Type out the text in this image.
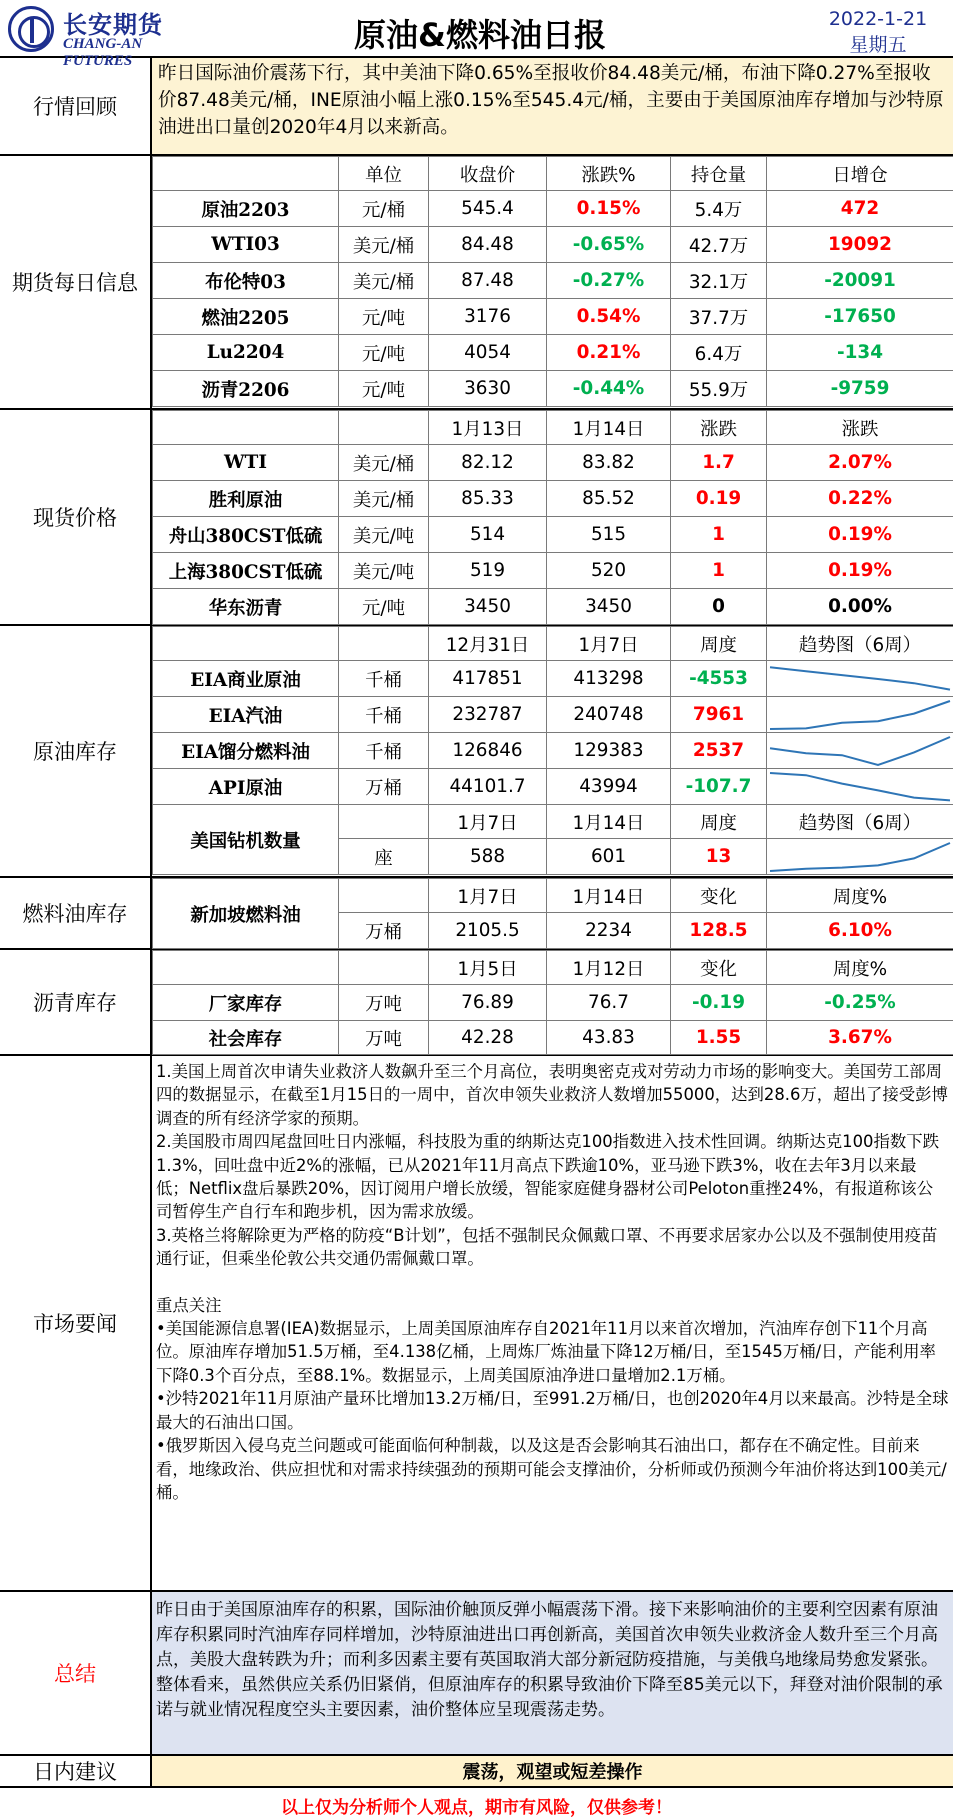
长安期货
CHANG-AN FUTURES
原油&燃料油日报	2022-1-21
星期五
行情回顾
昨日国际油价震荡下行，其中美油下降0.65%至报收价84.48美元/桶，布油下降0.27%至报收价87.48美元/桶，INE原油小幅上涨0.15%至545.4元/桶，主要由于美国原油库存增加与沙特原油进出口量创2020年4月以来新高。
期货每日信息
	单位	收盘价	涨跌%	持仓量	日增仓
原油2203	元/桶	545.4	0.15%	5.4万	472
WTI03	美元/桶	84.48	-0.65%	42.7万	19092
布伦特03	美元/桶	87.48	-0.27%	32.1万	-20091
燃油2205	元/吨	3176	0.54%	37.7万	-17650
Lu2204	元/吨	4054	0.21%	6.4万	-134
沥青2206	元/吨	3630	-0.44%	55.9万	-9759
现货价格
		1月13日	1月14日	涨跌	涨跌
WTI	美元/桶	82.12	83.82	1.7	2.07%
胜利原油	美元/桶	85.33	85.52	0.19	0.22%
舟山380CST低硫	美元/吨	514	515	1	0.19%
上海380CST低硫	美元/吨	519	520	1	0.19%
华东沥青	元/吨	3450	3450	0	0.00%
原油库存
		12月31日	1月7日	周度	趋势图（6周）
EIA商业原油	千桶	417851	413298	-4553	

EIA汽油	千桶	232787	240748	7961	

EIA馏分燃料油	千桶	126846	129383	2537	

API原油	万桶	44101.7	43994	-107.7	

美国钻机数量		1月7日	1月14日	周度	趋势图（6周）
	座	588	601	13	
燃料油库存	新加坡燃料油		1月7日	1月14日	变化	周度%
	万桶	2105.5	2234	128.5	6.10%
沥青库存
		1月5日	1月12日	变化	周度%
厂家库存	万吨	76.89	76.7	-0.19	-0.25%
社会库存	万吨	42.28	43.83	1.55	3.67%
市场要闻
1.美国上周首次申请失业救济人数飙升至三个月高位，表明奥密克戎对劳动力市场的影响变大。美国劳工部周四的数据显示，在截至1月15日的一周中，首次申领失业救济人数增加55000，达到28.6万，超出了接受彭博调查的所有经济学家的预期。
2.美国股市周四尾盘回吐日内涨幅，科技股为重的纳斯达克100指数进入技术性回调。纳斯达克100指数下跌1.3%，回吐盘中近2%的涨幅，已从2021年11月高点下跌逾10%，亚马逊下跌3%，收在去年3月以来最低；Netflix盘后暴跌20%，因订阅用户增长放缓，智能家庭健身器材公司Peloton重挫24%，有报道称该公司暂停生产自行车和跑步机，因为需求放缓。
3.英格兰将解除更为严格的防疫“B计划”，包括不强制民众佩戴口罩、不再要求居家办公以及不强制使用疫苗通行证，但乘坐伦敦公共交通仍需佩戴口罩。
重点关注
•美国能源信息署(IEA)数据显示，上周美国原油库存自2021年11月以来首次增加，汽油库存创下11个月高位。原油库存增加51.5万桶，至4.138亿桶，上周炼厂炼油量下降12万桶/日，至1545万桶/日，产能利用率下降0.3个百分点，至88.1%。数据显示，上周美国原油净进口量增加2.1万桶。
•沙特2021年11月原油产量环比增加13.2万桶/日，至991.2万桶/日，也创2020年4月以来最高。沙特是全球最大的石油出口国。
•俄罗斯因入侵乌克兰问题或可能面临何种制裁，以及这是否会影响其石油出口，都存在不确定性。目前来看，地缘政治、供应担忧和对需求持续强劲的预期可能会支撑油价，分析师或仍预测今年油价将达到100美元/桶。
总结
昨日由于美国原油库存的积累，国际油价触顶反弹小幅震荡下滑。接下来影响油价的主要利空因素有原油库存积累同时汽油库存同样增加，沙特原油进出口再创新高，美国首次申领失业救济金人数升至三个月高点，美股大盘转跌为升；而利多因素主要有英国取消大部分新冠防疫措施，与美俄乌地缘局势愈发紧张。整体看来，虽然供应关系仍旧紧俏，但原油库存的积累导致油价下降至85美元以下，拜登对油价限制的承诺与就业情况程度空头主要因素，油价整体应呈现震荡走势。
日内建议	震荡，观望或短差操作
以上仅为分析师个人观点，期市有风险，仅供参考！
